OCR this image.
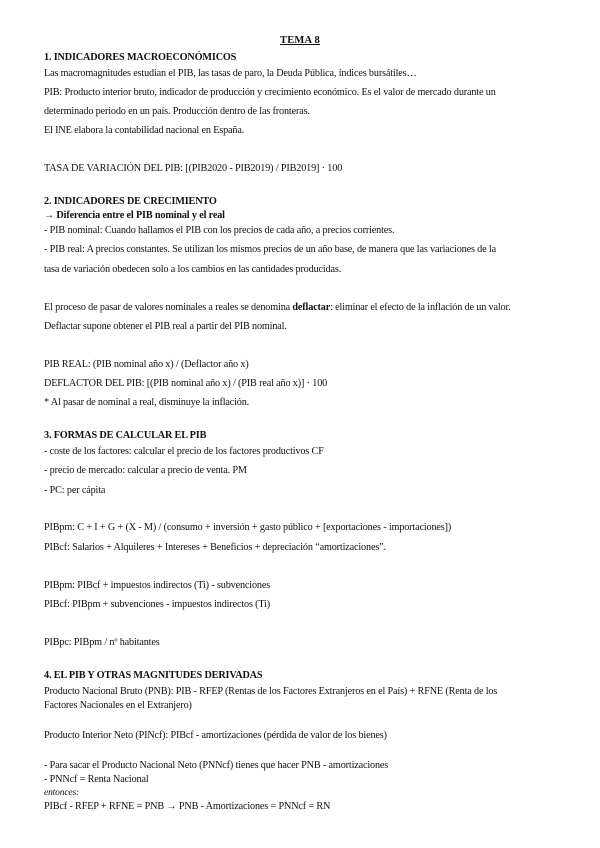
TEMA 8
1. INDICADORES MACROECONÓMICOS
Las macromagnitudes estudian el PIB, las tasas de paro, la Deuda Pública, índices bursátiles…
PIB: Producto interior bruto, indicador de producción y crecimiento económico. Es el valor de mercado durante un
determinado periodo en un país. Producción dentro de las fronteras.
El INE elabora la contabilidad nacional en España.
TASA DE VARIACIÓN DEL PIB: [(PIB2020 - PIB2019) / PIB2019] · 100
2. INDICADORES DE CRECIMIENTO
→ Diferencia entre el PIB nominal y el real
- PIB nominal: Cuando hallamos el PIB con los precios de cada año, a precios corrientes.
- PIB real: A precios constantes. Se utilizan los mismos precios de un año base, de manera que las variaciones de la
tasa de variación obedecen solo a los cambios en las cantidades producidas.
El proceso de pasar de valores nominales a reales se denomina deflactar: eliminar el efecto de la inflación de un valor.
Deflactar supone obtener el PIB real a partir del PIB nominal.
PIB REAL: (PIB nominal año x) / (Deflactor año x)
DEFLACTOR DEL PIB: [(PIB nominal año x) / (PIB real año x)] · 100
* Al pasar de nominal a real, disminuye la inflación.
3. FORMAS DE CALCULAR EL PIB
- coste de los factores: calcular el precio de los factores productivos CF
- precio de mercado: calcular a precio de venta. PM
- PC: per cápita
PIBpm: C + I + G + (X - M) / (consumo + inversión + gasto público + [exportaciones - importaciones])
PIBcf: Salarios + Alquileres + Intereses + Beneficios + depreciación “amortizaciones”.
PIBpm: PIBcf + impuestos indirectos (Ti) - subvenciones
PIBcf: PIBpm + subvenciones - impuestos indirectos (Ti)
PIBpc: PIBpm / nº habitantes
4. EL PIB Y OTRAS MAGNITUDES DERIVADAS
Producto Nacional Bruto (PNB): PIB - RFEP (Rentas de los Factores Extranjeros en el País) + RFNE (Renta de los
Factores Nacionales en el Extranjero)
Producto Interior Neto (PINcf): PIBcf - amortizaciones (pérdida de valor de los bienes)
- Para sacar el Producto Nacional Neto (PNNcf) tienes que hacer PNB - amortizaciones
- PNNcf = Renta Nacional
entonces:
PIBcf - RFEP + RFNE = PNB → PNB - Amortizaciones = PNNcf = RN
